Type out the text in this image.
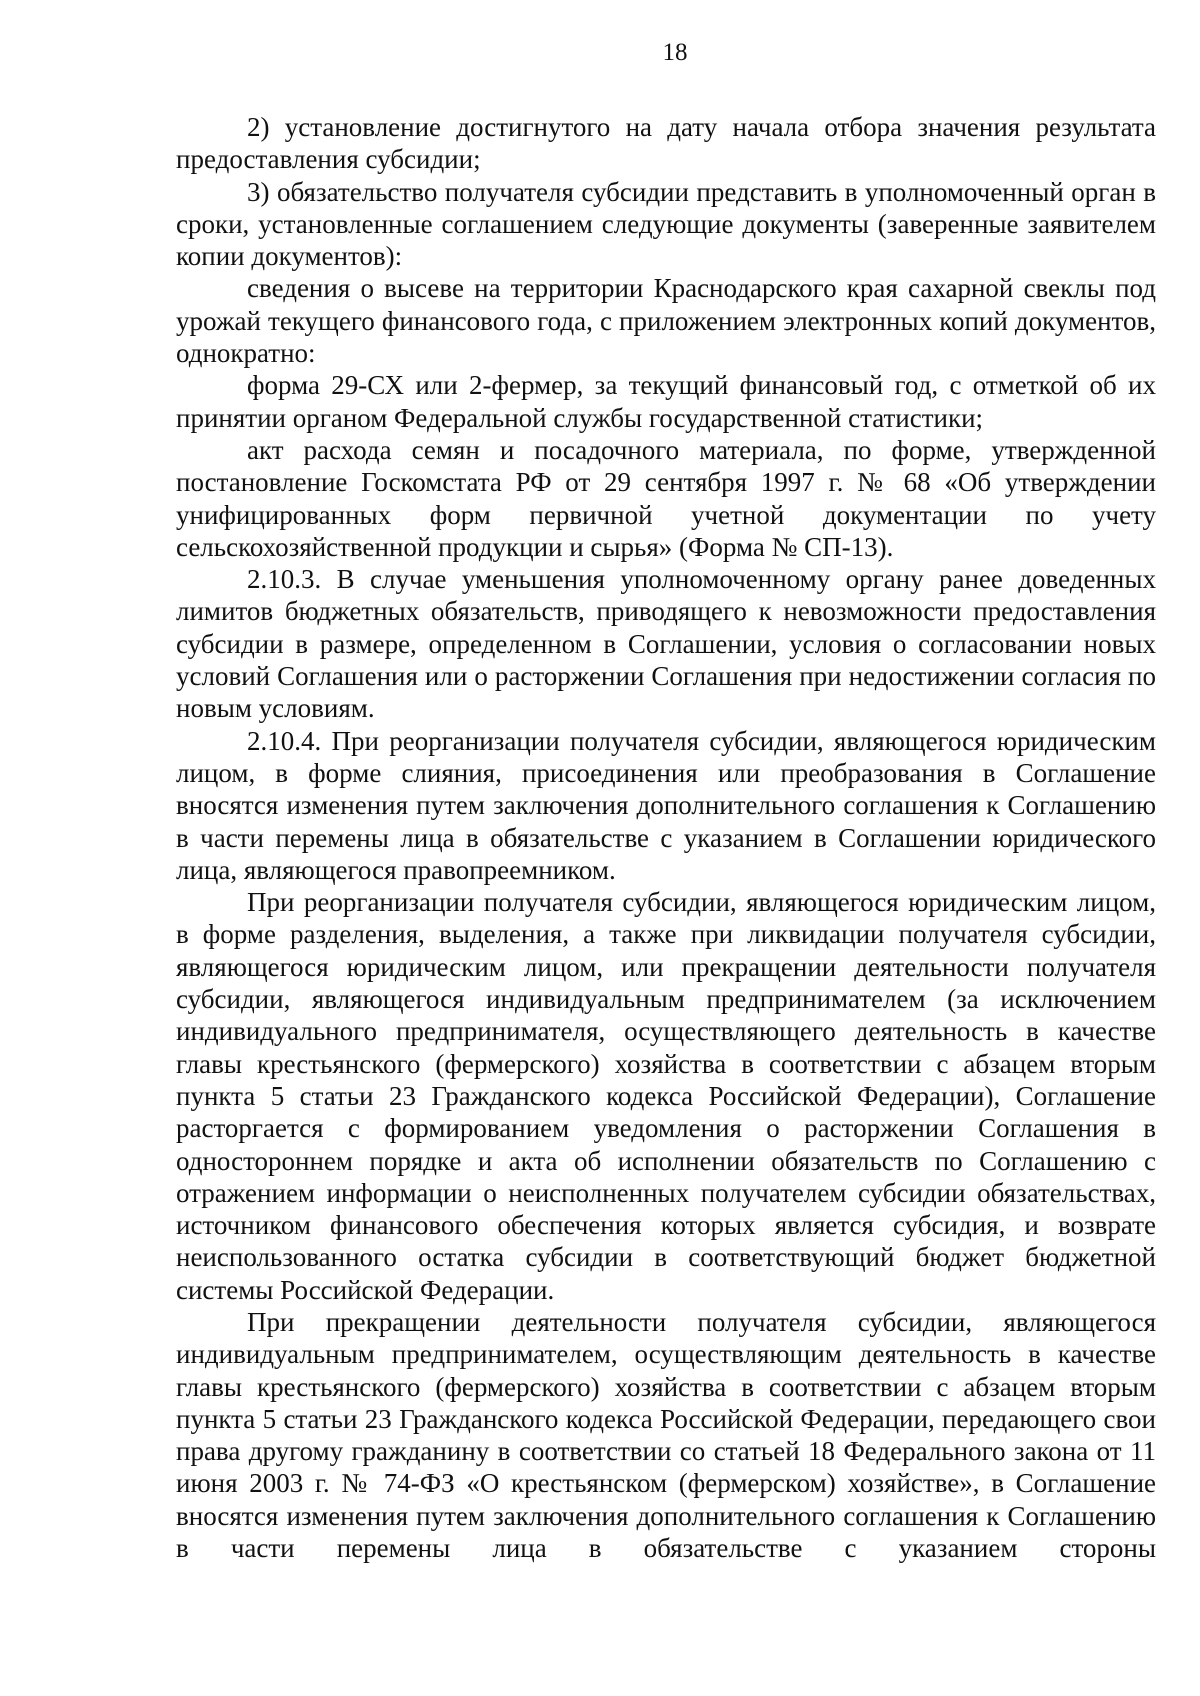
18

2) установление достигнутого на дату начала отбора значения результата предоставления субсидии;

3) обязательство получателя субсидии представить в уполномоченный орган в сроки, установленные соглашением следующие документы (заверенные заявителем копии документов):

сведения о высеве на территории Краснодарского края сахарной свеклы под урожай текущего финансового года, с приложением электронных копий документов, однократно:

форма 29-СХ или 2-фермер, за текущий финансовый год, с отметкой об их принятии органом Федеральной службы государственной статистики;

акт расхода семян и посадочного материала, по форме, утвержденной постановление Госкомстата РФ от 29 сентября 1997 г. № 68 «Об утверждении унифицированных форм первичной учетной документации по учету сельскохозяйственной продукции и сырья» (Форма № СП-13).

2.10.3. В случае уменьшения уполномоченному органу ранее доведенных лимитов бюджетных обязательств, приводящего к невозможности предоставления субсидии в размере, определенном в Соглашении, условия о согласовании новых условий Соглашения или о расторжении Соглашения при недостижении согласия по новым условиям.

2.10.4. При реорганизации получателя субсидии, являющегося юридическим лицом, в форме слияния, присоединения или преобразования в Соглашение вносятся изменения путем заключения дополнительного соглашения к Соглашению в части перемены лица в обязательстве с указанием в Соглашении юридического лица, являющегося правопреемником.

При реорганизации получателя субсидии, являющегося юридическим лицом, в форме разделения, выделения, а также при ликвидации получателя субсидии, являющегося юридическим лицом, или прекращении деятельности получателя субсидии, являющегося индивидуальным предпринимателем (за исключением индивидуального предпринимателя, осуществляющего деятельность в качестве главы крестьянского (фермерского) хозяйства в соответствии с абзацем вторым пункта 5 статьи 23 Гражданского кодекса Российской Федерации), Соглашение расторгается с формированием уведомления о расторжении Соглашения в одностороннем порядке и акта об исполнении обязательств по Соглашению с отражением информации о неисполненных получателем субсидии обязательствах, источником финансового обеспечения которых является субсидия, и возврате неиспользованного остатка субсидии в соответствующий бюджет бюджетной системы Российской Федерации.

При прекращении деятельности получателя субсидии, являющегося индивидуальным предпринимателем, осуществляющим деятельность в качестве главы крестьянского (фермерского) хозяйства в соответствии с абзацем вторым пункта 5 статьи 23 Гражданского кодекса Российской Федерации, передающего свои права другому гражданину в соответствии со статьей 18 Федерального закона от 11 июня 2003 г. № 74-ФЗ «О крестьянском (фермерском) хозяйстве», в Соглашение вносятся изменения путем заключения дополнительного соглашения к Соглашению в части перемены лица в обязательстве с указанием стороны
